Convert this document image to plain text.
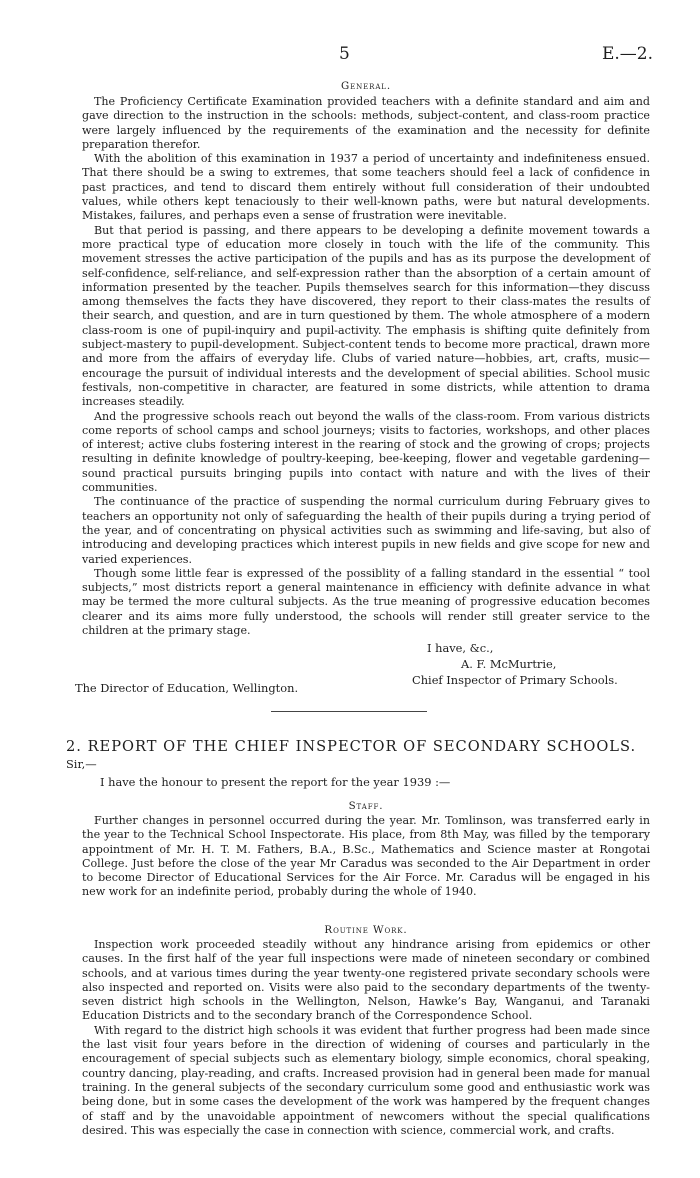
5	E.—2.
General.

The Proficiency Certificate Examination provided teachers with a definite standard and aim and gave direction to the instruction in the schools: methods, subject-content, and class-room practice were largely influenced by the requirements of the examination and the necessity for definite preparation therefor.

With the abolition of this examination in 1937 a period of uncertainty and indefiniteness ensued. That there should be a swing to extremes, that some teachers should feel a lack of confidence in past practices, and tend to discard them entirely without full consideration of their undoubted values, while others kept tenaciously to their well-known paths, were but natural developments. Mistakes, failures, and perhaps even a sense of frustration were inevitable.

But that period is passing, and there appears to be developing a definite movement towards a more practical type of education more closely in touch with the life of the community. This movement stresses the active participation of the pupils and has as its purpose the development of self-confidence, self-reliance, and self-expression rather than the absorption of a certain amount of information presented by the teacher. Pupils themselves search for this information—they discuss among themselves the facts they have discovered, they report to their class-mates the results of their search, and question, and are in turn questioned by them. The whole atmosphere of a modern class-room is one of pupil-inquiry and pupil-activity. The emphasis is shifting quite definitely from subject-mastery to pupil-development. Subject-content tends to become more practical, drawn more and more from the affairs of everyday life. Clubs of varied nature—hobbies, art, crafts, music—encourage the pursuit of individual interests and the development of special abilities. School music festivals, non-competitive in character, are featured in some districts, while attention to drama increases steadily.

And the progressive schools reach out beyond the walls of the class-room. From various districts come reports of school camps and school journeys; visits to factories, workshops, and other places of interest; active clubs fostering interest in the rearing of stock and the growing of crops; projects resulting in definite knowledge of poultry-keeping, bee-keeping, flower and vegetable gardening—sound practical pursuits bringing pupils into contact with nature and with the lives of their communities.

The continuance of the practice of suspending the normal curriculum during February gives to teachers an opportunity not only of safeguarding the health of their pupils during a trying period of the year, and of concentrating on physical activities such as swimming and life-saving, but also of introducing and developing practices which interest pupils in new fields and give scope for new and varied experiences.

Though some little fear is expressed of the possiblity of a falling standard in the essential “ tool subjects,” most districts report a general maintenance in efficiency with definite advance in what may be termed the more cultural subjects. As the true meaning of progressive education becomes clearer and its aims more fully understood, the schools will render still greater service to the children at the primary stage.

I have, &c.,
A. F. McMurtrie,
Chief Inspector of Primary Schools.
The Director of Education, Wellington.
2. REPORT OF THE CHIEF INSPECTOR OF SECONDARY SCHOOLS.
Sir,—
I have the honour to present the report for the year 1939 :—
Staff.

Further changes in personnel occurred during the year. Mr. Tomlinson, was transferred early in the year to the Technical School Inspectorate. His place, from 8th May, was filled by the temporary appointment of Mr. H. T. M. Fathers, B.A., B.Sc., Mathematics and Science master at Rongotai College. Just before the close of the year Mr Caradus was seconded to the Air Department in order to become Director of Educational Services for the Air Force. Mr. Caradus will be engaged in his new work for an indefinite period, probably during the whole of 1940.

Routine Work.

Inspection work proceeded steadily without any hindrance arising from epidemics or other causes. In the first half of the year full inspections were made of nineteen secondary or combined schools, and at various times during the year twenty-one registered private secondary schools were also inspected and reported on. Visits were also paid to the secondary departments of the twenty-seven district high schools in the Wellington, Nelson, Hawke’s Bay, Wanganui, and Taranaki Education Districts and to the secondary branch of the Correspondence School.

With regard to the district high schools it was evident that further progress had been made since the last visit four years before in the direction of widening of courses and particularly in the encouragement of special subjects such as elementary biology, simple economics, choral speaking, country dancing, play-reading, and crafts. Increased provision had in general been made for manual training. In the general subjects of the secondary curriculum some good and enthusiastic work was being done, but in some cases the development of the work was hampered by the frequent changes of staff and by the unavoidable appointment of newcomers without the special qualifications desired. This was especially the case in connection with science, commercial work, and crafts.
